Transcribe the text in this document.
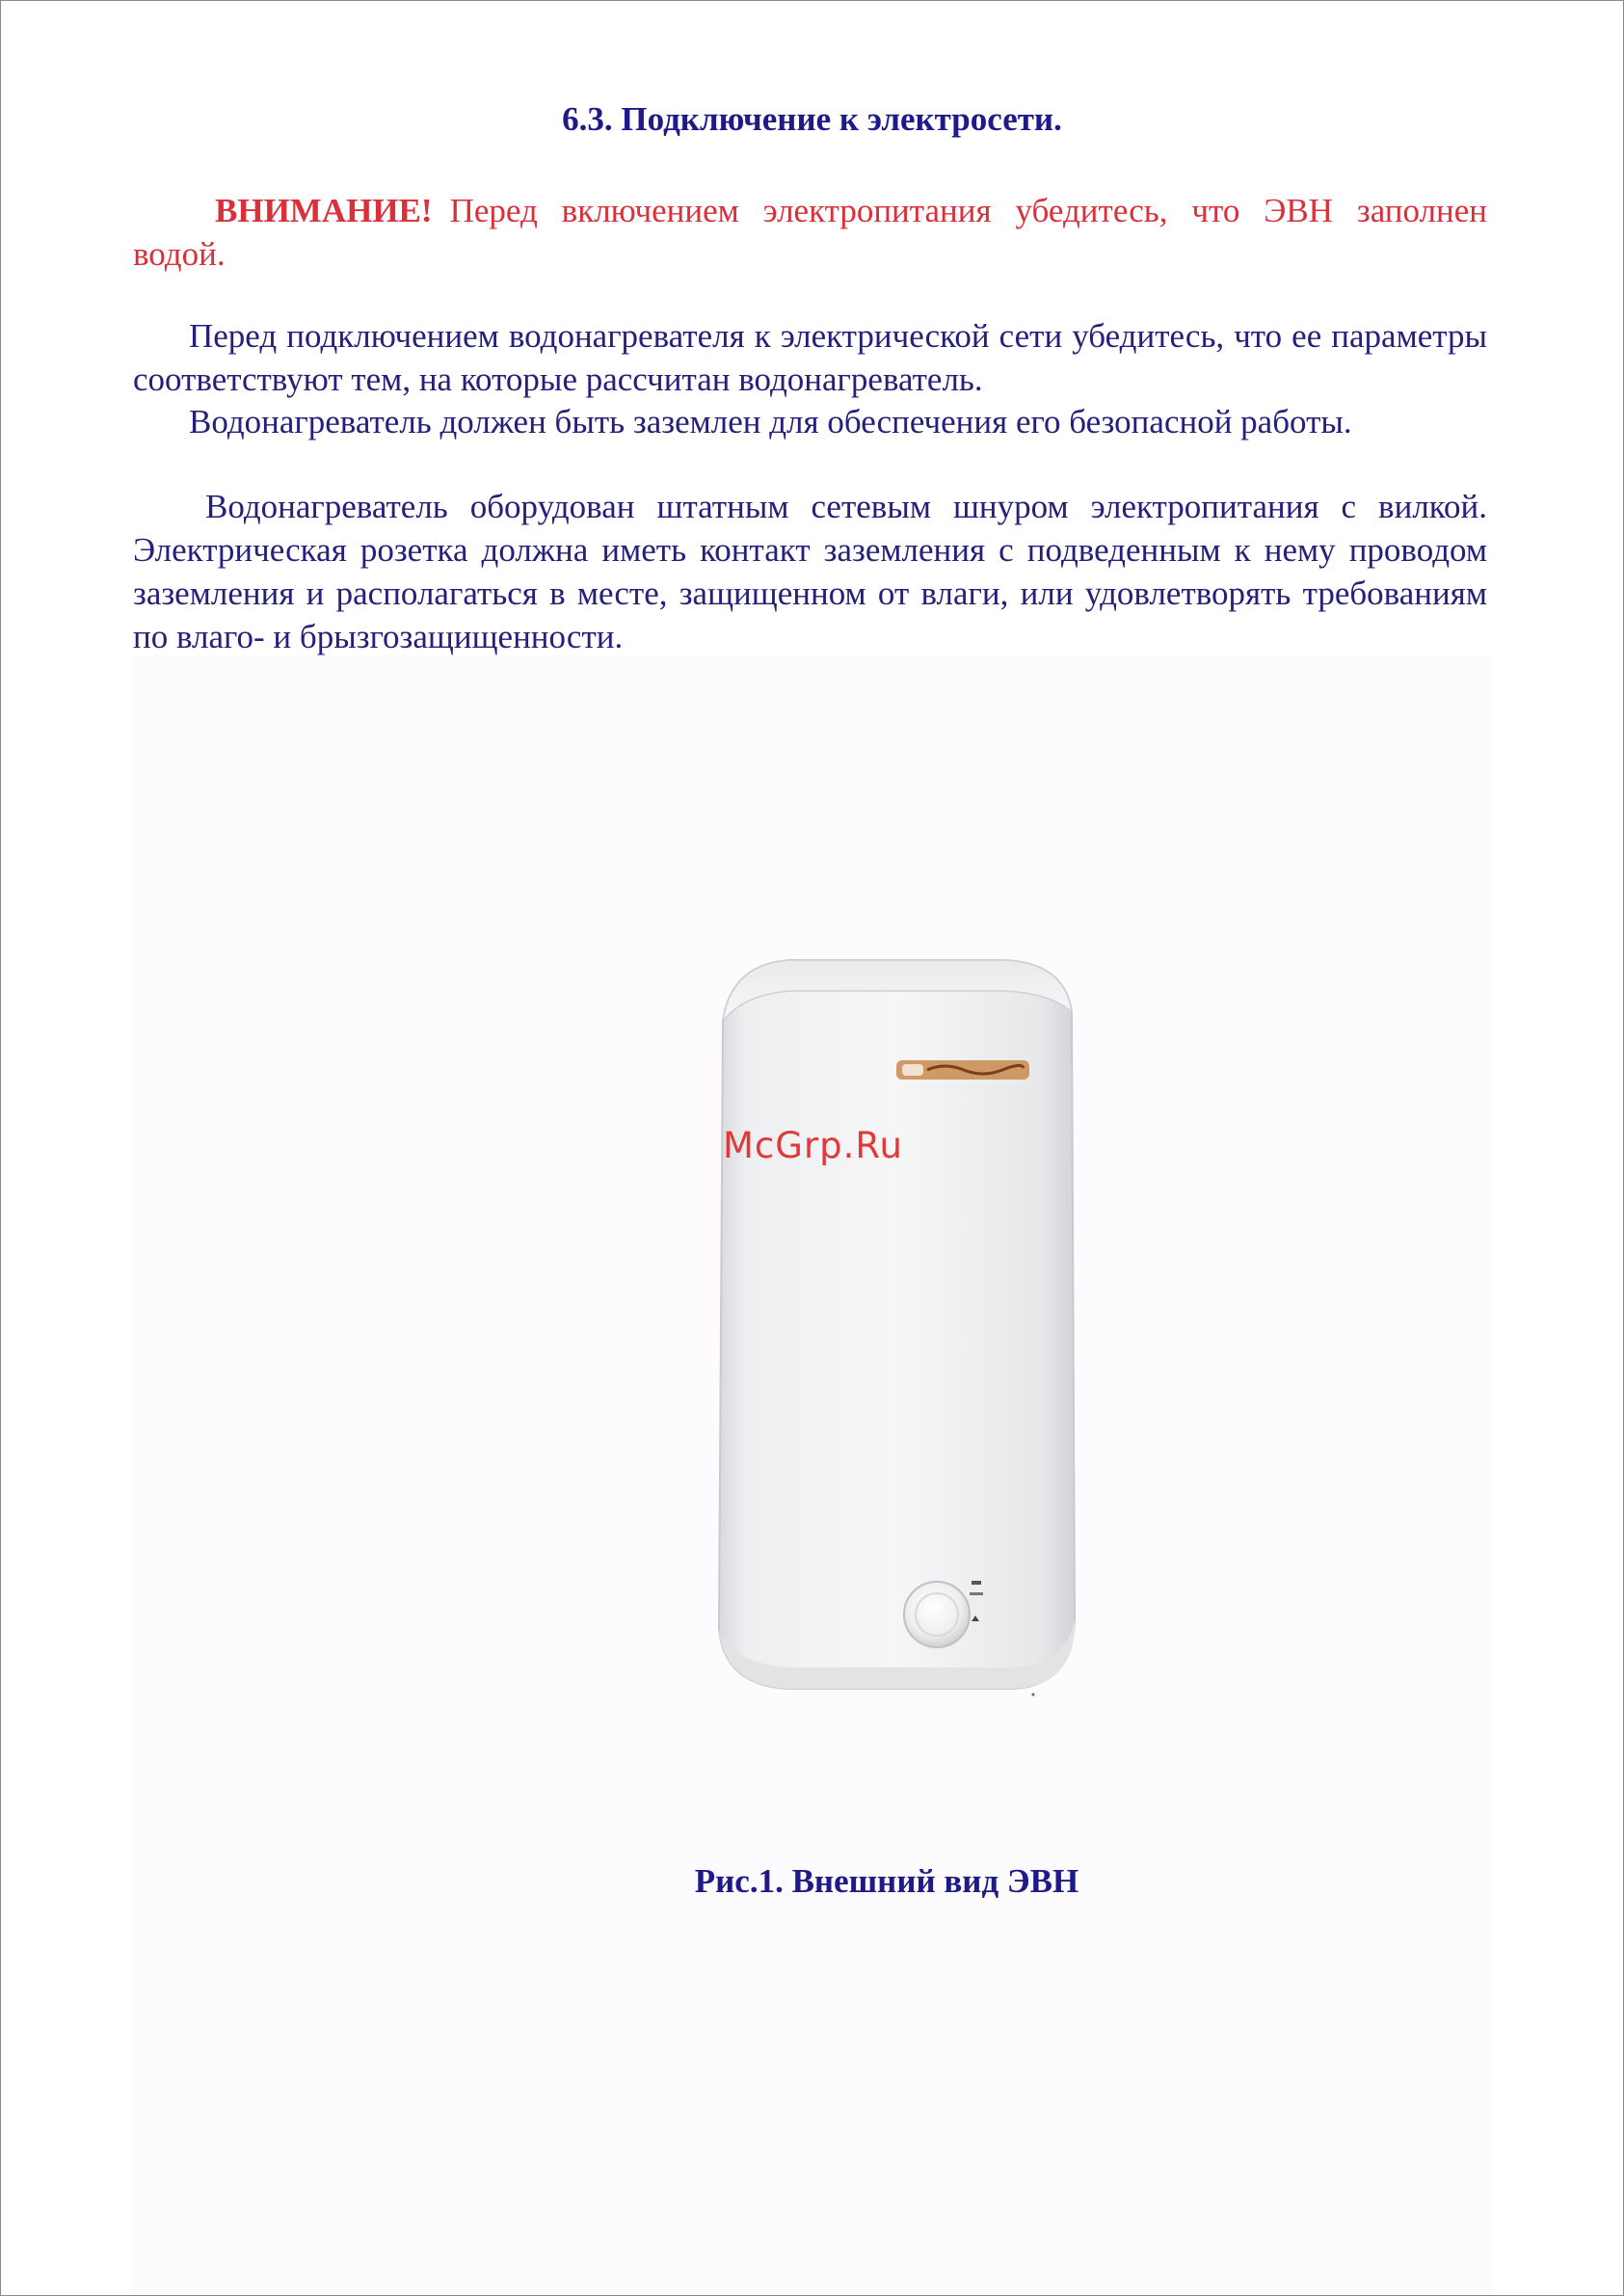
6.3. Подключение к электросети.

ВНИМАНИЕ! Перед включением электропитания убедитесь, что ЭВН заполнен водой.

Перед подключением водонагревателя к электрической сети убедитесь, что ее параметры соответствуют тем, на которые рассчитан водонагреватель.

Водонагреватель должен быть заземлен для обеспечения его безопасной работы.

Водонагреватель оборудован штатным сетевым шнуром электропитания с вилкой. Электрическая розетка должна иметь контакт заземления с подведенным к нему проводом заземления и располагаться в месте, защищенном от влаги, или удовлетворять требованиям по влаго- и брызгозащищенности.

McGrp.Ru

Рис.1. Внешний вид ЭВН
